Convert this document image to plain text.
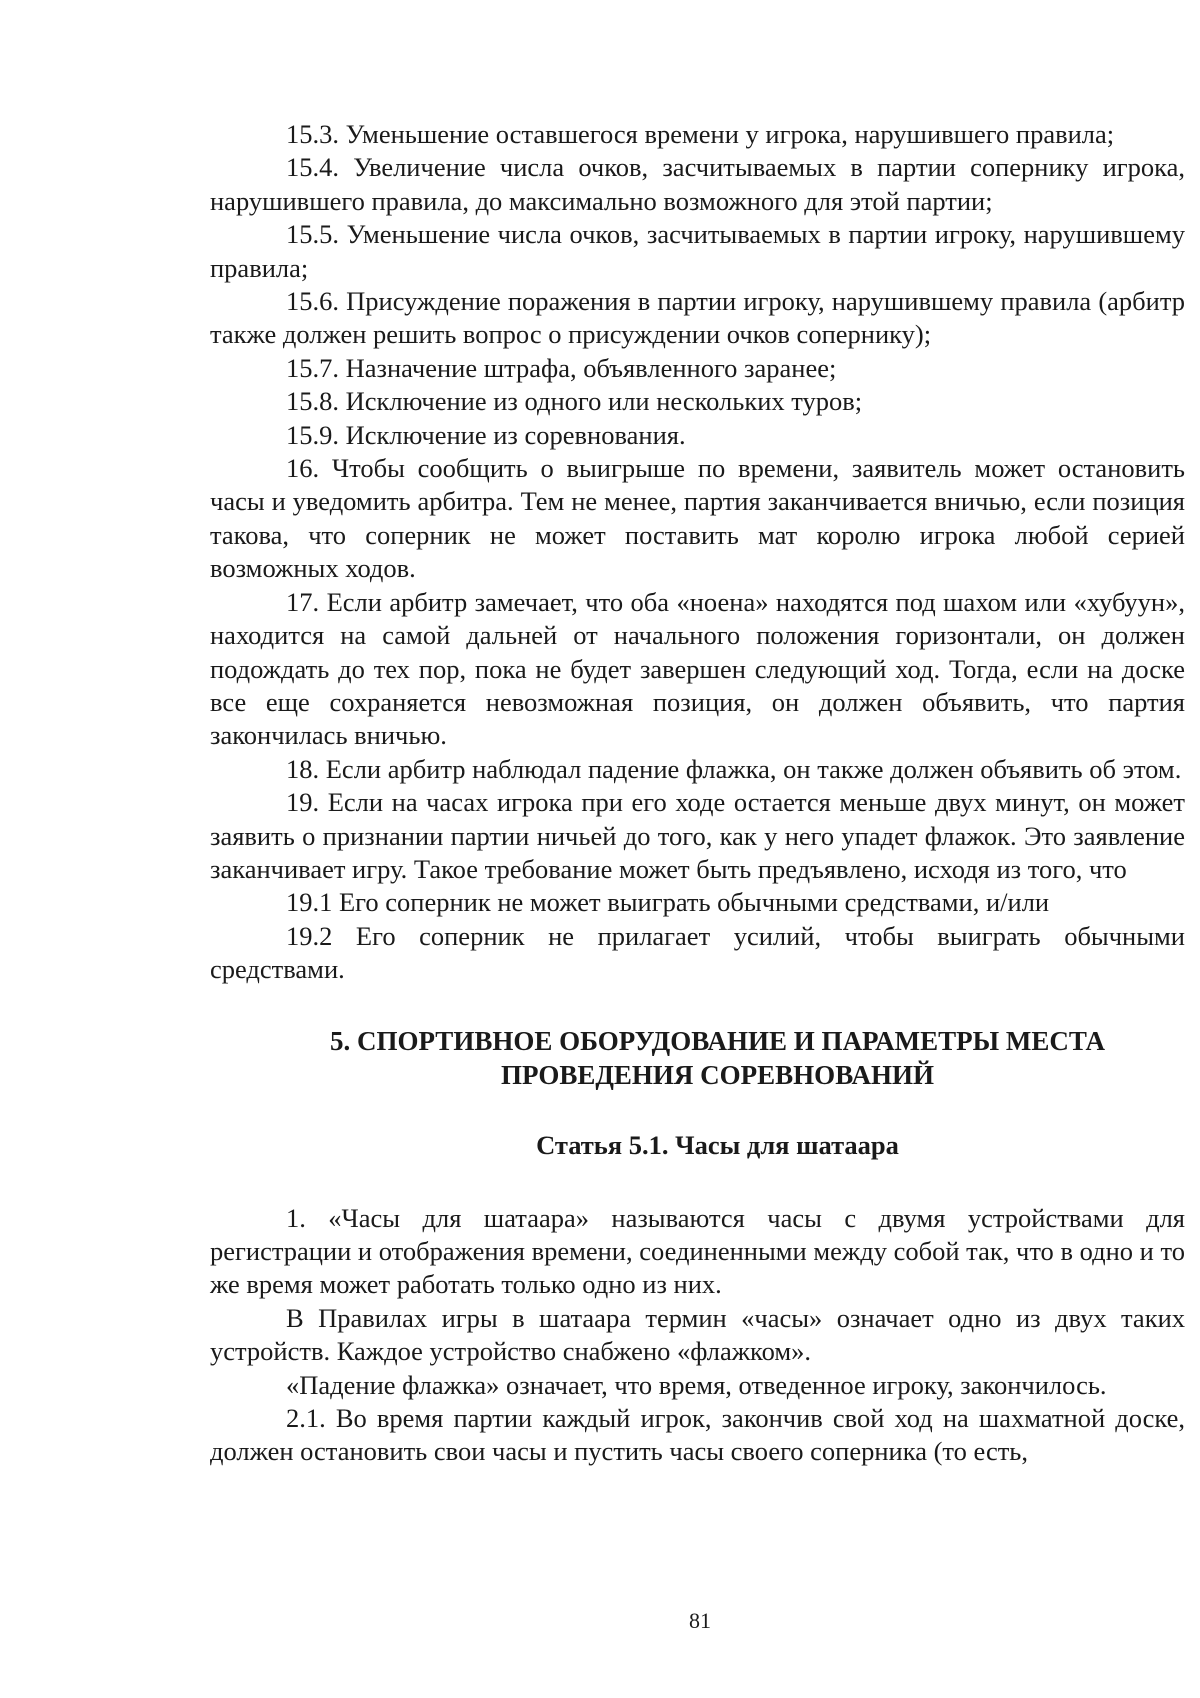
15.3. Уменьшение оставшегося времени у игрока, нарушившего правила;

15.4. Увеличение числа очков, засчитываемых в партии сопернику игрока, нарушившего правила, до максимально возможного для этой партии;

15.5. Уменьшение числа очков, засчитываемых в партии игроку, нарушившему правила;

15.6. Присуждение поражения в партии игроку, нарушившему правила (арбитр также должен решить вопрос о присуждении очков сопернику);

15.7. Назначение штрафа, объявленного заранее;

15.8. Исключение из одного или нескольких туров;

15.9. Исключение из соревнования.

16. Чтобы сообщить о выигрыше по времени, заявитель может остановить часы и уведомить арбитра. Тем не менее, партия заканчивается вничью, если позиция такова, что соперник не может поставить мат королю игрока любой серией возможных ходов.

17. Если арбитр замечает, что оба «ноена» находятся под шахом или «хубуун», находится на самой дальней от начального положения горизонтали, он должен подождать до тех пор, пока не будет завершен следующий ход. Тогда, если на доске все еще сохраняется невозможная позиция, он должен объявить, что партия закончилась вничью.

18. Если арбитр наблюдал падение флажка, он также должен объявить об этом.

19. Если на часах игрока при его ходе остается меньше двух минут, он может заявить о признании партии ничьей до того, как у него упадет флажок. Это заявление заканчивает игру. Такое требование может быть предъявлено, исходя из того, что

19.1 Его соперник не может выиграть обычными средствами, и/или

19.2 Его соперник не прилагает усилий, чтобы выиграть обычными средствами.

5. СПОРТИВНОЕ ОБОРУДОВАНИЕ И ПАРАМЕТРЫ МЕСТА
ПРОВЕДЕНИЯ СОРЕВНОВАНИЙ
Статья 5.1. Часы для шатаара

1. «Часы для шатаара» называются часы с двумя устройствами для регистрации и отображения времени, соединенными между собой так, что в одно и то же время может работать только одно из них.

В Правилах игры в шатаара термин «часы» означает одно из двух таких устройств. Каждое устройство снабжено «флажком».

«Падение флажка» означает, что время, отведенное игроку, закончилось.

2.1. Во время партии каждый игрок, закончив свой ход на шахматной доске, должен остановить свои часы и пустить часы своего соперника (то есть,

81
